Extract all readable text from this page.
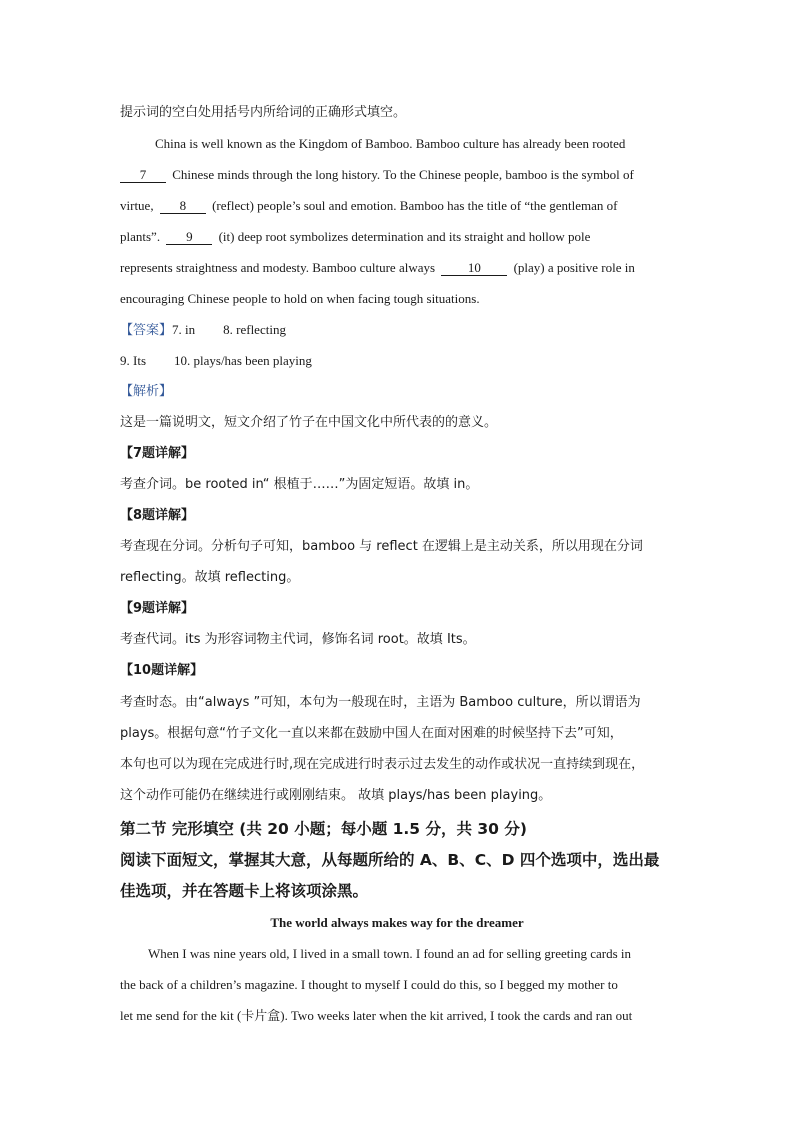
提示词的空白处用括号内所给词的正确形式填空。
China is well known as the Kingdom of Bamboo. Bamboo culture has already been rooted
7 Chinese minds through the long history. To the Chinese people, bamboo is the symbol of
virtue, 8 (reflect) people’s soul and emotion. Bamboo has the title of “the gentleman of
plants”. 9 (it) deep root symbolizes determination and its straight and hollow pole
represents straightness and modesty. Bamboo culture always	10	(play) a positive role in
encouraging Chinese people to hold on when facing tough situations.
【答案】7. in 8. reflecting
9. Its 10. plays/has been playing
【解析】
这是一篇说明文，短文介绍了竹子在中国文化中所代表的的意义。
【7题详解】
考查介词。be rooted in“ 根植于……”为固定短语。故填 in。
【8题详解】
考查现在分词。分析句子可知，bamboo 与 reflect 在逻辑上是主动关系，所以用现在分词
reflecting。故填 reflecting。
【9题详解】
考查代词。its 为形容词物主代词，修饰名词 root。故填 Its。
【10题详解】
考查时态。由“always ”可知，本句为一般现在时，主语为 Bamboo culture，所以谓语为
plays。根据句意“竹子文化一直以来都在鼓励中国人在面对困难的时候坚持下去”可知，
本句也可以为现在完成进行时,现在完成进行时表示过去发生的动作或状况一直持续到现在，
这个动作可能仍在继续进行或刚刚结束。 故填 plays/has been playing。
第二节 完形填空 (共 20 小题；每小题 1.5 分，共 30 分)
阅读下面短文，掌握其大意，从每题所给的 A、B、C、D 四个选项中，选出最
佳选项，并在答题卡上将该项涂黑。
The world always makes way for the dreamer
When I was nine years old, I lived in a small town. I found an ad for selling greeting cards in
the back of a children’s magazine. I thought to myself I could do this, so I begged my mother to
let me send for the kit (卡片盒). Two weeks later when the kit arrived, I took the cards and ran out
